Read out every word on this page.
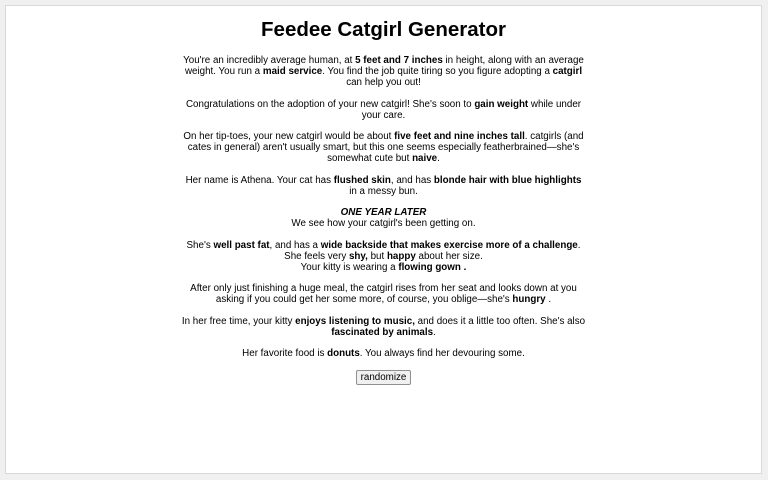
Feedee Catgirl Generator

You're an incredibly average human, at 5 feet and 7 inches in height, along with an average weight. You run a maid service. You find the job quite tiring so you figure adopting a catgirl can help you out!

Congratulations on the adoption of your new catgirl! She's soon to gain weight while under your care.

On her tip-toes, your new catgirl would be about five feet and nine inches tall. catgirls (and cates in general) aren't usually smart, but this one seems especially featherbrained—she's somewhat cute but naive.

Her name is Athena. Your cat has flushed skin, and has blonde hair with blue highlights in a messy bun.

ONE YEAR LATER
We see how your catgirl's been getting on.

She's well past fat, and has a wide backside that makes exercise more of a challenge. She feels very shy, but happy about her size.
Your kitty is wearing a flowing gown .

After only just finishing a huge meal, the catgirl rises from her seat and looks down at you asking if you could get her some more, of course, you oblige—she's hungry .

In her free time, your kitty enjoys listening to music, and does it a little too often. She's also fascinated by animals.

Her favorite food is donuts. You always find her devouring some.

randomize
